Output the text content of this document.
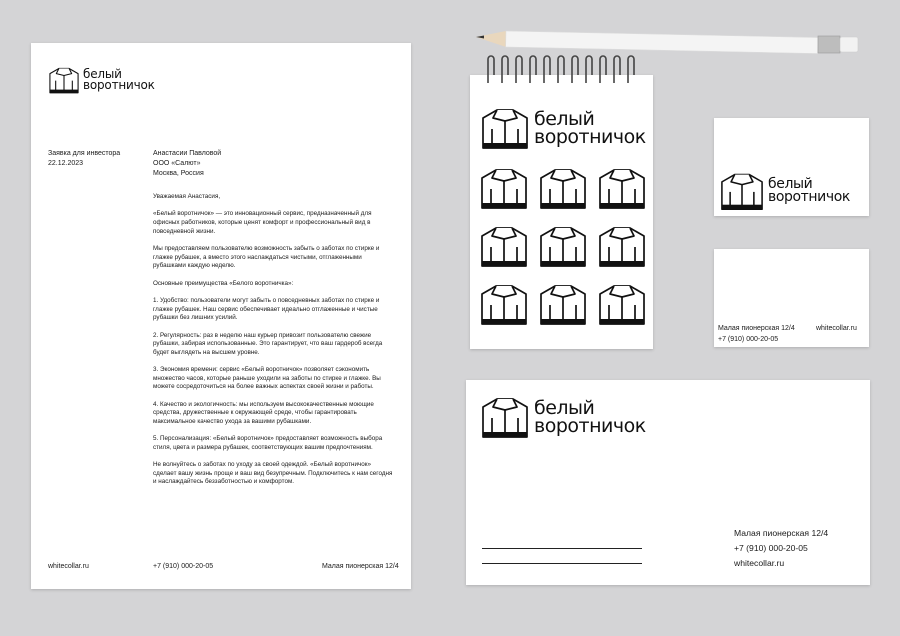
белый
воротничок
Заявка для инвестора
22.12.2023
Анастасии Павловой
ООО «Салют»
Москва, Россия

Уважаемая Анастасия,

«Белый воротничок» — это инновационный сервис, предназначенный для офисных работников, которые ценят комфорт и профессиональный вид в повседневной жизни.

Мы предоставляем пользователю возможность забыть о заботах по стирке и глажке рубашек, а вместо этого наслаждаться чистыми, отглаженными рубашками каждую неделю.

Основные преимущества «Белого воротничка»:

1. Удобство: пользователи могут забыть о повседневных заботах по стирке и глажке рубашек. Наш сервис обеспечивает идеально отглаженные и чистые рубашки без лишних усилий.

2. Регулярность: раз в неделю наш курьер привозит пользователю свежие рубашки, забирая использованные. Это гарантирует, что ваш гардероб всегда будет выглядеть на высшем уровне.

3. Экономия времени: сервис «Белый воротничок» позволяет сэкономить множество часов, которые раньше уходили на заботы по стирке и глажке. Вы можете сосредоточиться на более важных аспектах своей жизни и работы.

4. Качество и экологичность: мы используем высококачественные моющие средства, дружественные к окружающей среде, чтобы гарантировать максимальное качество ухода за вашими рубашками.

5. Персонализация: «Белый воротничок» предоставляет возможность выбора стиля, цвета и размера рубашек, соответствующих вашим предпочтениям.

Не волнуйтесь о заботах по уходу за своей одеждой. «Белый воротничок» сделает вашу жизнь проще и ваш вид безупречным. Подключитесь к нам сегодня и наслаждайтесь беззаботностью и комфортом.

whitecollar.ru	+7 (910) 000-20-05	Малая пионерская 12/4
белый
воротничок
белый
воротничок
Малая пионерская 12/4	whitecollar.ru
+7 (910) 000-20-05
белый
воротничок
Малая пионерская 12/4
+7 (910) 000-20-05
whitecollar.ru
